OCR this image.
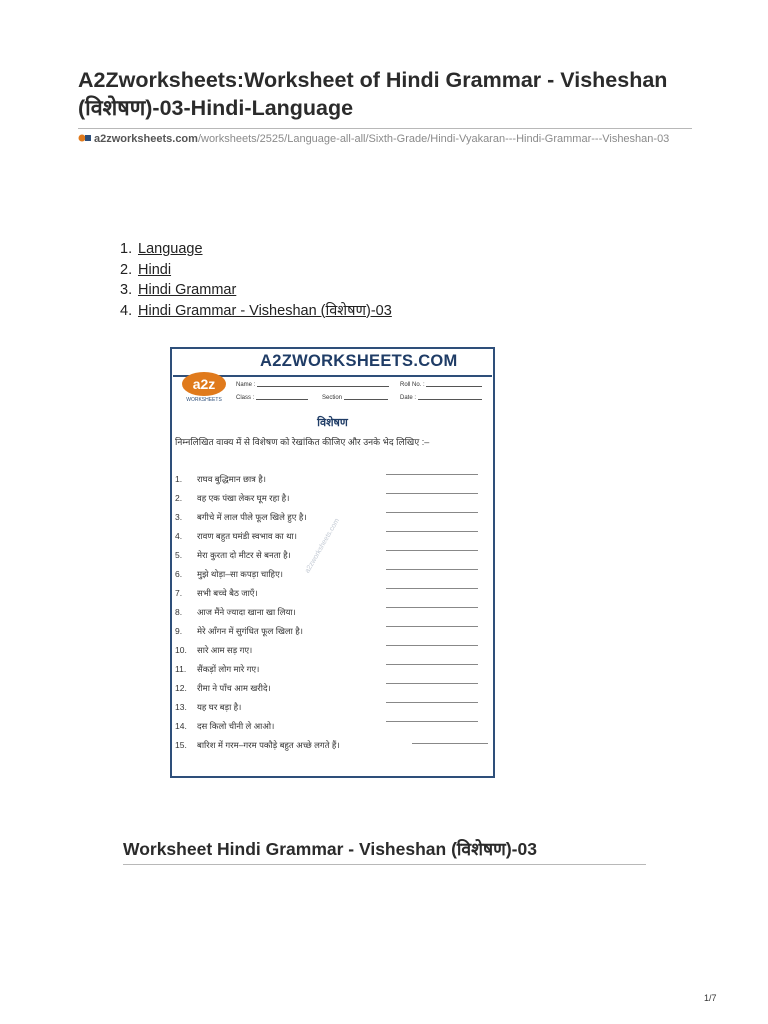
A2Zworksheets:Worksheet of Hindi Grammar - Visheshan (विशेषण)-03-Hindi-Language
a2zworksheets.com/worksheets/2525/Language-all-all/Sixth-Grade/Hindi-Vyakaran---Hindi-Grammar---Visheshan-03
1. Language
2. Hindi
3. Hindi Grammar
4. Hindi Grammar - Visheshan (विशेषण)-03
A2ZWORKSHEETS.COM
a2z
WORKSHEETS
Name :	Roll No. :
Class :	Section	Date :
विशेषण
निम्नलिखित वाक्य में से विशेषण को रेखांकित कीजिए और उनके भेद लिखिए :–
a2zworksheets.com
1. राघव बुद्धिमान छात्र है।
2. वह एक पंखा लेकर घूम रहा है।
3. बगीचे में लाल पीले फूल खिले हुए है।
4. रावण बहुत घमंडी स्वभाव का था।
5. मेरा कुरता दो मीटर से बनता है।
6. मुझे थोड़ा–सा कपड़ा चाहिए।
7. सभी बच्चे बैठ जाएँ।
8. आज मैंने ज्यादा खाना खा लिया।
9. मेरे आँगन में सुगंधित फूल खिला है।
10. सारे आम सड़ गए।
11. सैंकड़ों लोग मारे गए।
12. रीमा ने पाँच आम खरीदे।
13. यह घर बड़ा है।
14. दस किलो चीनी ले आओ।
15. बारिश में गरम–गरम पकौड़े बहुत अच्छे लगते हैं।
Worksheet Hindi Grammar - Visheshan (विशेषण)-03
1/7
